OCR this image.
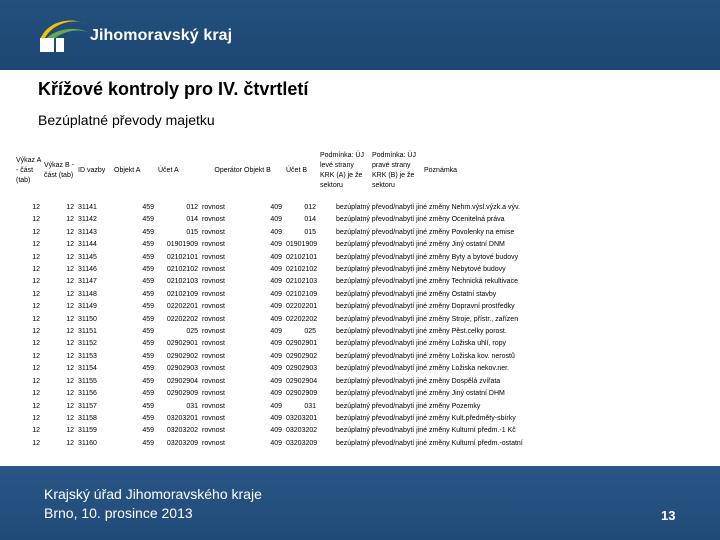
Jihomoravský kraj
Křížové kontroly pro IV. čtvrtletí
Bezúplatné převody majetku
Výkaz A - část (tab)	Výkaz B - část (tab)	ID vazby	Objekt A	Účet A	Operátor	Objekt B	Účet B	Podmínka: ÚJ levé strany KRK (A) je že sektoru	Podmínka: ÚJ pravé strany KRK (B) je že sektoru	Poznámka
12	12	31141	459	012	rovnost	409	012			bezúplatný převod/nabytí jiné změny Nehm.výsl.výzk.a výv.
12	12	31142	459	014	rovnost	409	014			bezúplatný převod/nabytí jiné změny Ocenitelná práva
12	12	31143	459	015	rovnost	409	015			bezúplatný převod/nabytí jiné změny Povolenky na emise
12	12	31144	459	01901909	rovnost	409	01901909			bezúplatný převod/nabytí jiné změny Jiný ostatní DNM
12	12	31145	459	02102101	rovnost	409	02102101			bezúplatný převod/nabytí jiné změny Byty a bytové budovy
12	12	31146	459	02102102	rovnost	409	02102102			bezúplatný převod/nabytí jiné změny Nebytové budovy
12	12	31147	459	02102103	rovnost	409	02102103			bezúplatný převod/nabytí jiné změny Technická rekultivace
12	12	31148	459	02102109	rovnost	409	02102109			bezúplatný převod/nabytí jiné změny Ostatní stavby
12	12	31149	459	02202201	rovnost	409	02202201			bezúplatný převod/nabytí jiné změny Dopravní prostředky
12	12	31150	459	02202202	rovnost	409	02202202			bezúplatný převod/nabytí jiné změny Stroje, přístr., zařízen
12	12	31151	459	025	rovnost	409	025			bezúplatný převod/nabytí jiné změny Pěst.celky porost.
12	12	31152	459	02902901	rovnost	409	02902901			bezúplatný převod/nabytí jiné změny Ložiska uhlí, ropy
12	12	31153	459	02902902	rovnost	409	02902902			bezúplatný převod/nabytí jiné změny Ložiska kov. nerostů
12	12	31154	459	02902903	rovnost	409	02902903			bezúplatný převod/nabytí jiné změny Ložiska nekov.ner.
12	12	31155	459	02902904	rovnost	409	02902904			bezúplatný převod/nabytí jiné změny Dospělá zvířata
12	12	31156	459	02902909	rovnost	409	02902909			bezúplatný převod/nabytí jiné změny Jiný ostatní DHM
12	12	31157	459	031	rovnost	409	031			bezúplatný převod/nabytí jiné změny Pozemky
12	12	31158	459	03203201	rovnost	409	03203201			bezúplatný převod/nabytí jiné změny Kult.předměty-sbírky
12	12	31159	459	03203202	rovnost	409	03203202			bezúplatný převod/nabytí jiné změny Kulturní předm.-1 Kč
12	12	31160	459	03203209	rovnost	409	03203209			bezúplatný převod/nabytí jiné změny Kulturní předm.-ostatní
Krajský úřad Jihomoravského kraje
Brno, 10. prosince 2013	13
